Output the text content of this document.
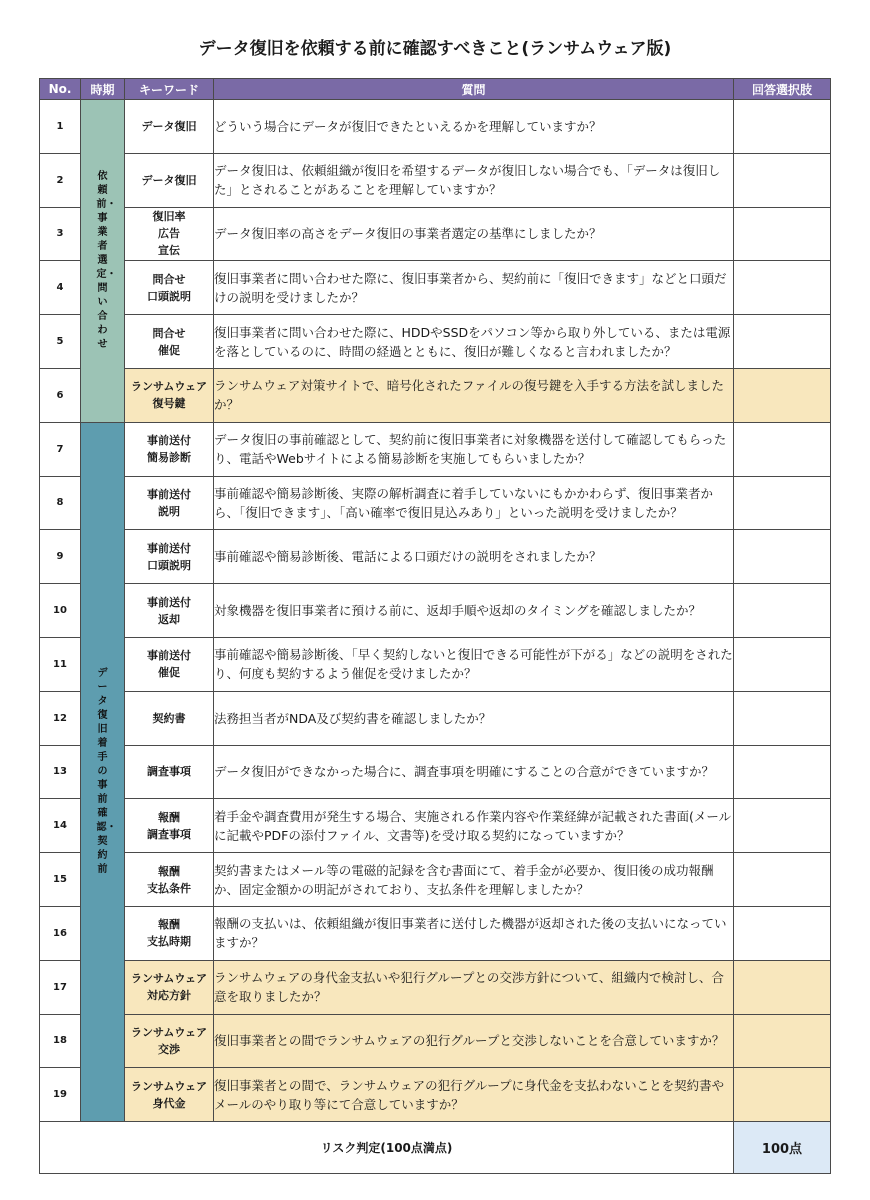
データ復旧を依頼する前に確認すべきこと(ランサムウェア版)
No.	時期	キーワード	質問	回答選択肢
1	依頼前・事業者選定・問い合わせ	データ復旧	どういう場合にデータが復旧できたといえるかを理解していますか？	
2		データ復旧	データ復旧は、依頼組織が復旧を希望するデータが復旧しない場合でも、「データは復旧した」とされることがあることを理解していますか？	
3		復旧率
広告
宣伝	データ復旧率の高さをデータ復旧の事業者選定の基準にしましたか？	
4		問合せ
口頭説明	復旧事業者に問い合わせた際に、復旧事業者から、契約前に「復旧できます」などと口頭だけの説明を受けましたか？	
5		問合せ
催促	復旧事業者に問い合わせた際に、HDDやSSDをパソコン等から取り外している、または電源を落としているのに、時間の経過とともに、復旧が難しくなると言われましたか？	
6		ランサムウェア
復号鍵	ランサムウェア対策サイトで、暗号化されたファイルの復号鍵を入手する方法を試しましたか？	
7	データ復旧着手の事前確認・契約前	事前送付
簡易診断	データ復旧の事前確認として、契約前に復旧事業者に対象機器を送付して確認してもらったり、電話やWebサイトによる簡易診断を実施してもらいましたか？	
8		事前送付
説明	事前確認や簡易診断後、実際の解析調査に着手していないにもかかわらず、復旧事業者から、「復旧できます」、「高い確率で復旧見込みあり」といった説明を受けましたか？	
9		事前送付
口頭説明	事前確認や簡易診断後、電話による口頭だけの説明をされましたか？	
10		事前送付
返却	対象機器を復旧事業者に預ける前に、返却手順や返却のタイミングを確認しましたか？	
11		事前送付
催促	事前確認や簡易診断後、「早く契約しないと復旧できる可能性が下がる」などの説明をされたり、何度も契約するよう催促を受けましたか？	
12		契約書	法務担当者がNDA及び契約書を確認しましたか？	
13		調査事項	データ復旧ができなかった場合に、調査事項を明確にすることの合意ができていますか？	
14		報酬
調査事項	着手金や調査費用が発生する場合、実施される作業内容や作業経緯が記載された書面(メールに記載やPDFの添付ファイル、文書等)を受け取る契約になっていますか？	
15		報酬
支払条件	契約書またはメール等の電磁的記録を含む書面にて、着手金が必要か、復旧後の成功報酬か、固定金額かの明記がされており、支払条件を理解しましたか？	
16		報酬
支払時期	報酬の支払いは、依頼組織が復旧事業者に送付した機器が返却された後の支払いになっていますか？	
17		ランサムウェア
対応方針	ランサムウェアの身代金支払いや犯行グループとの交渉方針について、組織内で検討し、合意を取りましたか？	
18		ランサムウェア
交渉	復旧事業者との間でランサムウェアの犯行グループと交渉しないことを合意していますか？	
19		ランサムウェア
身代金	復旧事業者との間で、ランサムウェアの犯行グループに身代金を支払わないことを契約書やメールのやり取り等にて合意していますか？	
リスク判定(100点満点)				100点
